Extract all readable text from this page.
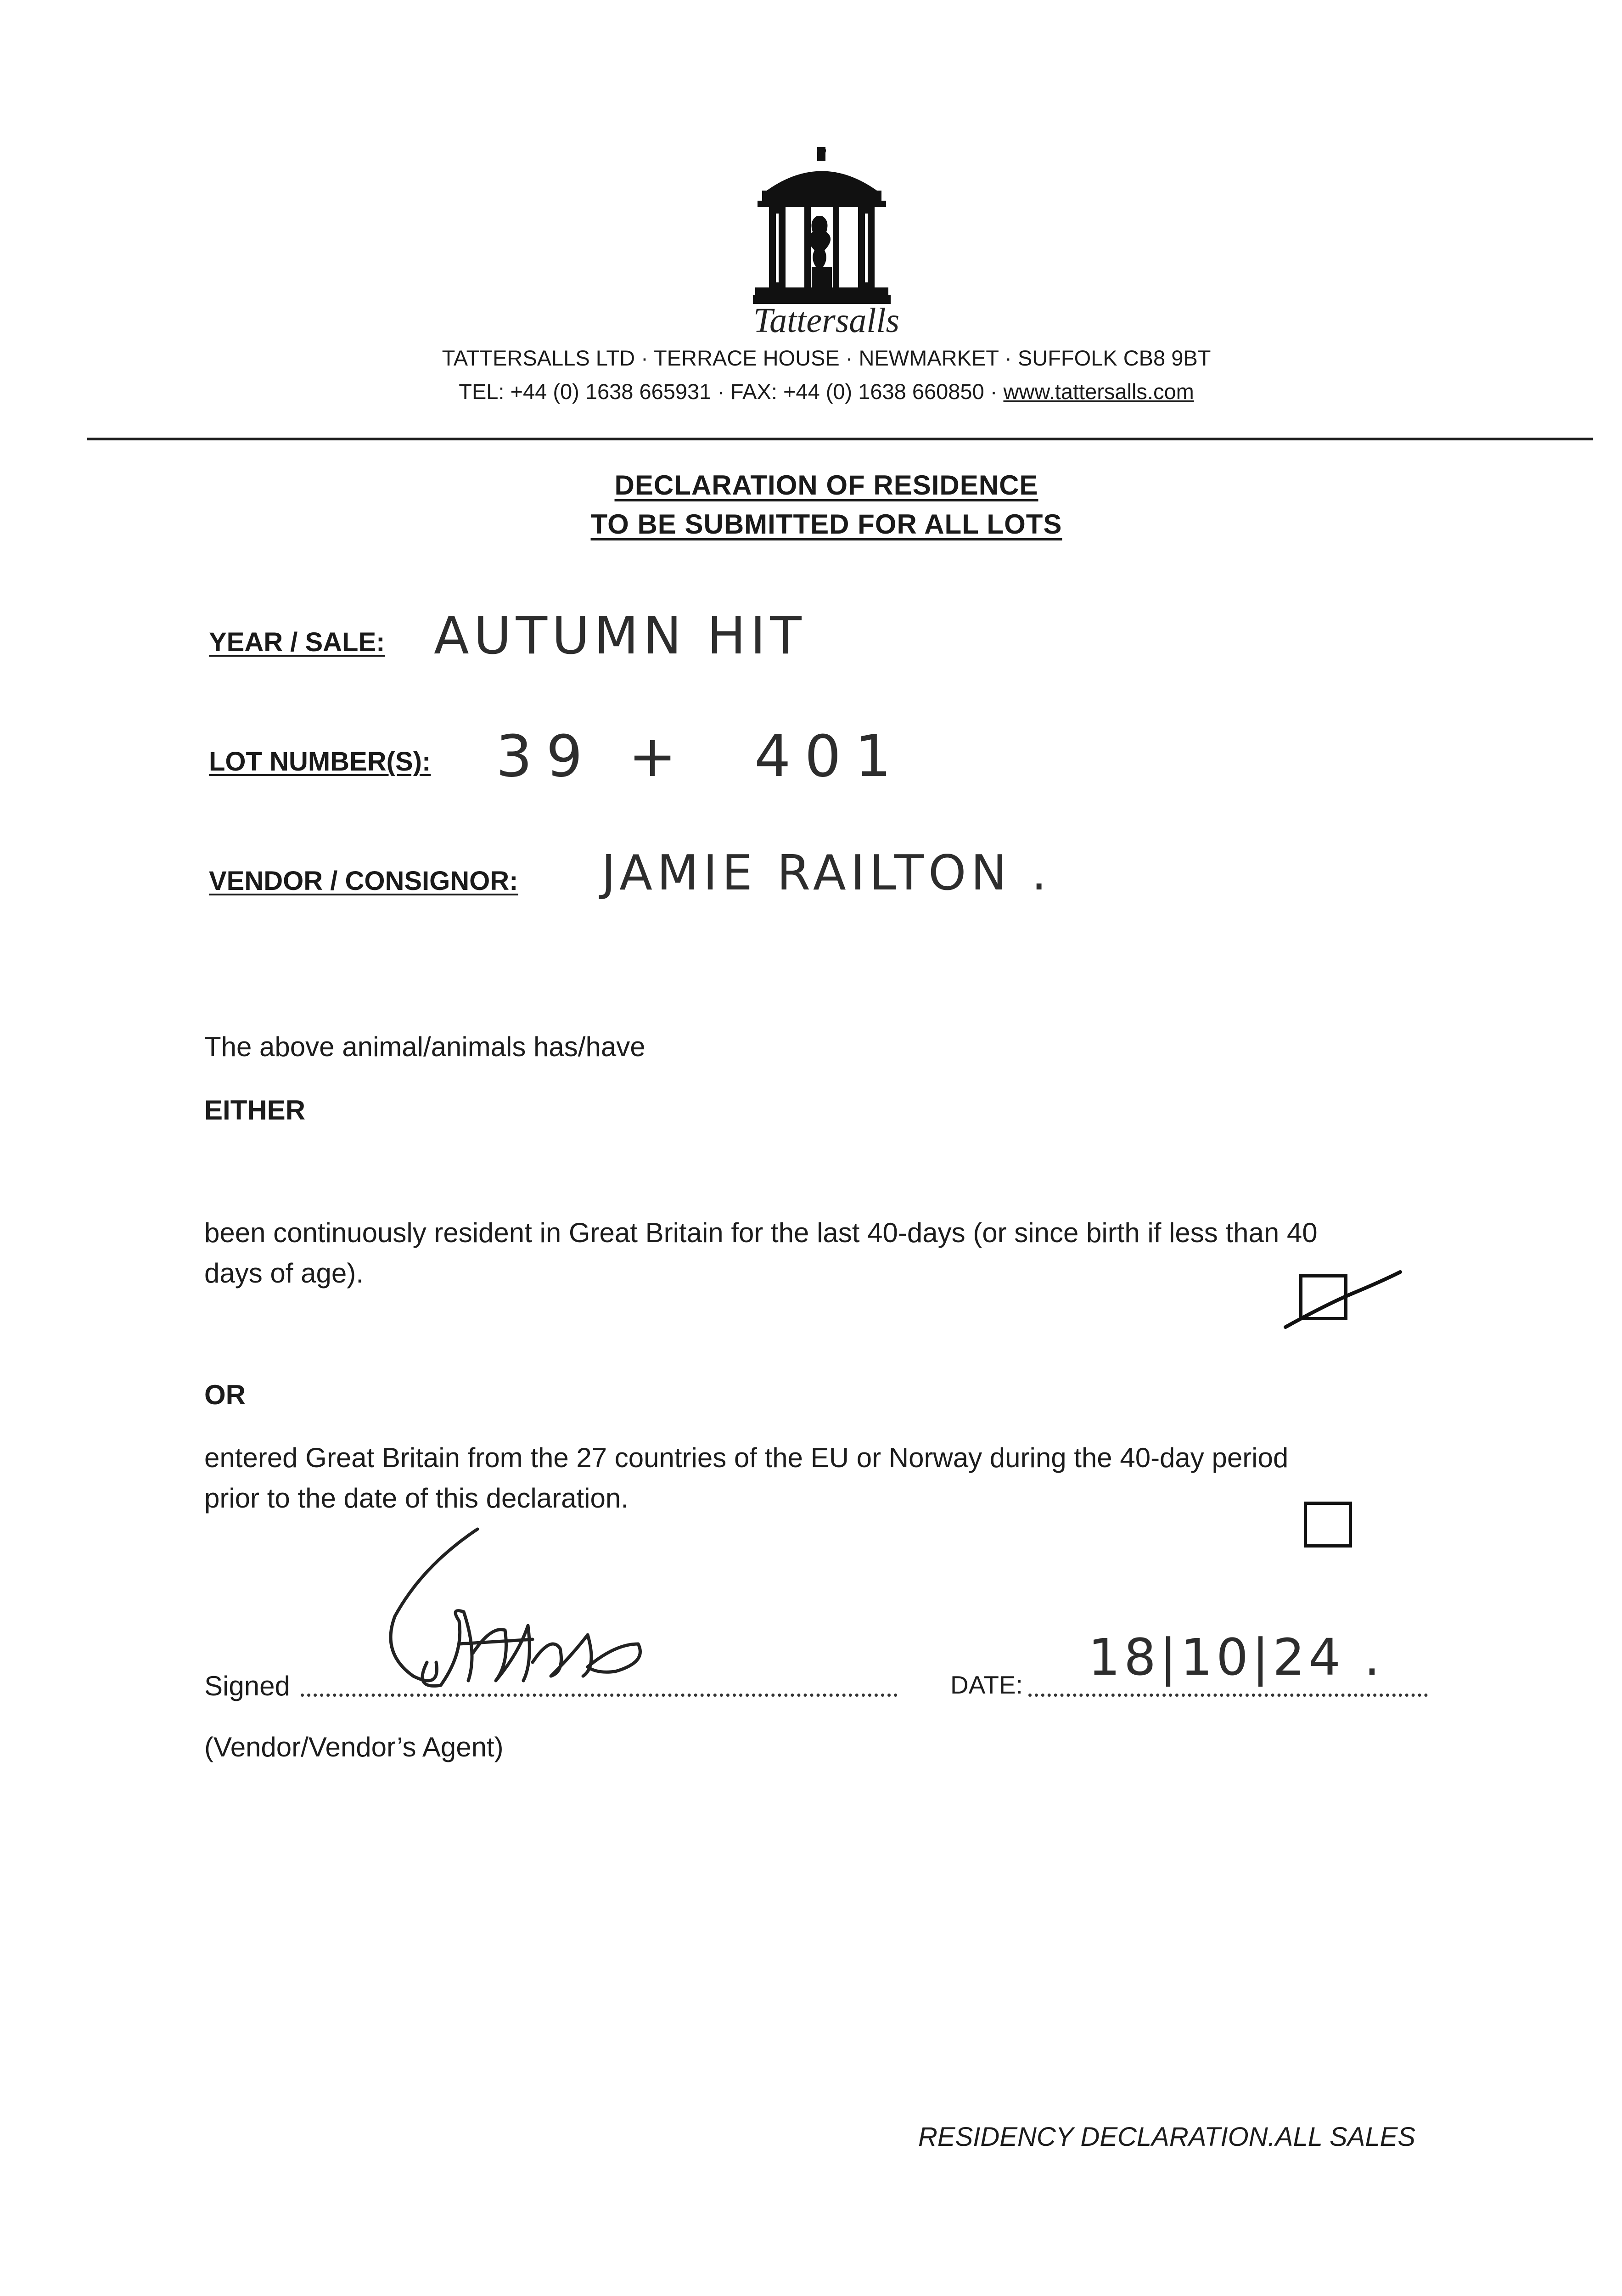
Tattersalls
TATTERSALLS LTD · TERRACE HOUSE · NEWMARKET · SUFFOLK CB8 9BT
TEL: +44 (0) 1638 665931 · FAX: +44 (0) 1638 660850 · www.tattersalls.com
DECLARATION OF RESIDENCE
TO BE SUBMITTED FOR ALL LOTS
YEAR / SALE: AUTUMN HIT
LOT NUMBER(S): 39 +  401
VENDOR / CONSIGNOR: JAMIE RAILTON .
The above animal/animals has/have
EITHER
been continuously resident in Great Britain for the last 40-days (or since birth if less than 40
days of age).
OR
entered Great Britain from the 27 countries of the EU or Norway during the 40-day period
prior to the date of this declaration.
Signed	DATE: 18|10|24 .
(Vendor/Vendor’s Agent)
RESIDENCY DECLARATION.ALL SALES
